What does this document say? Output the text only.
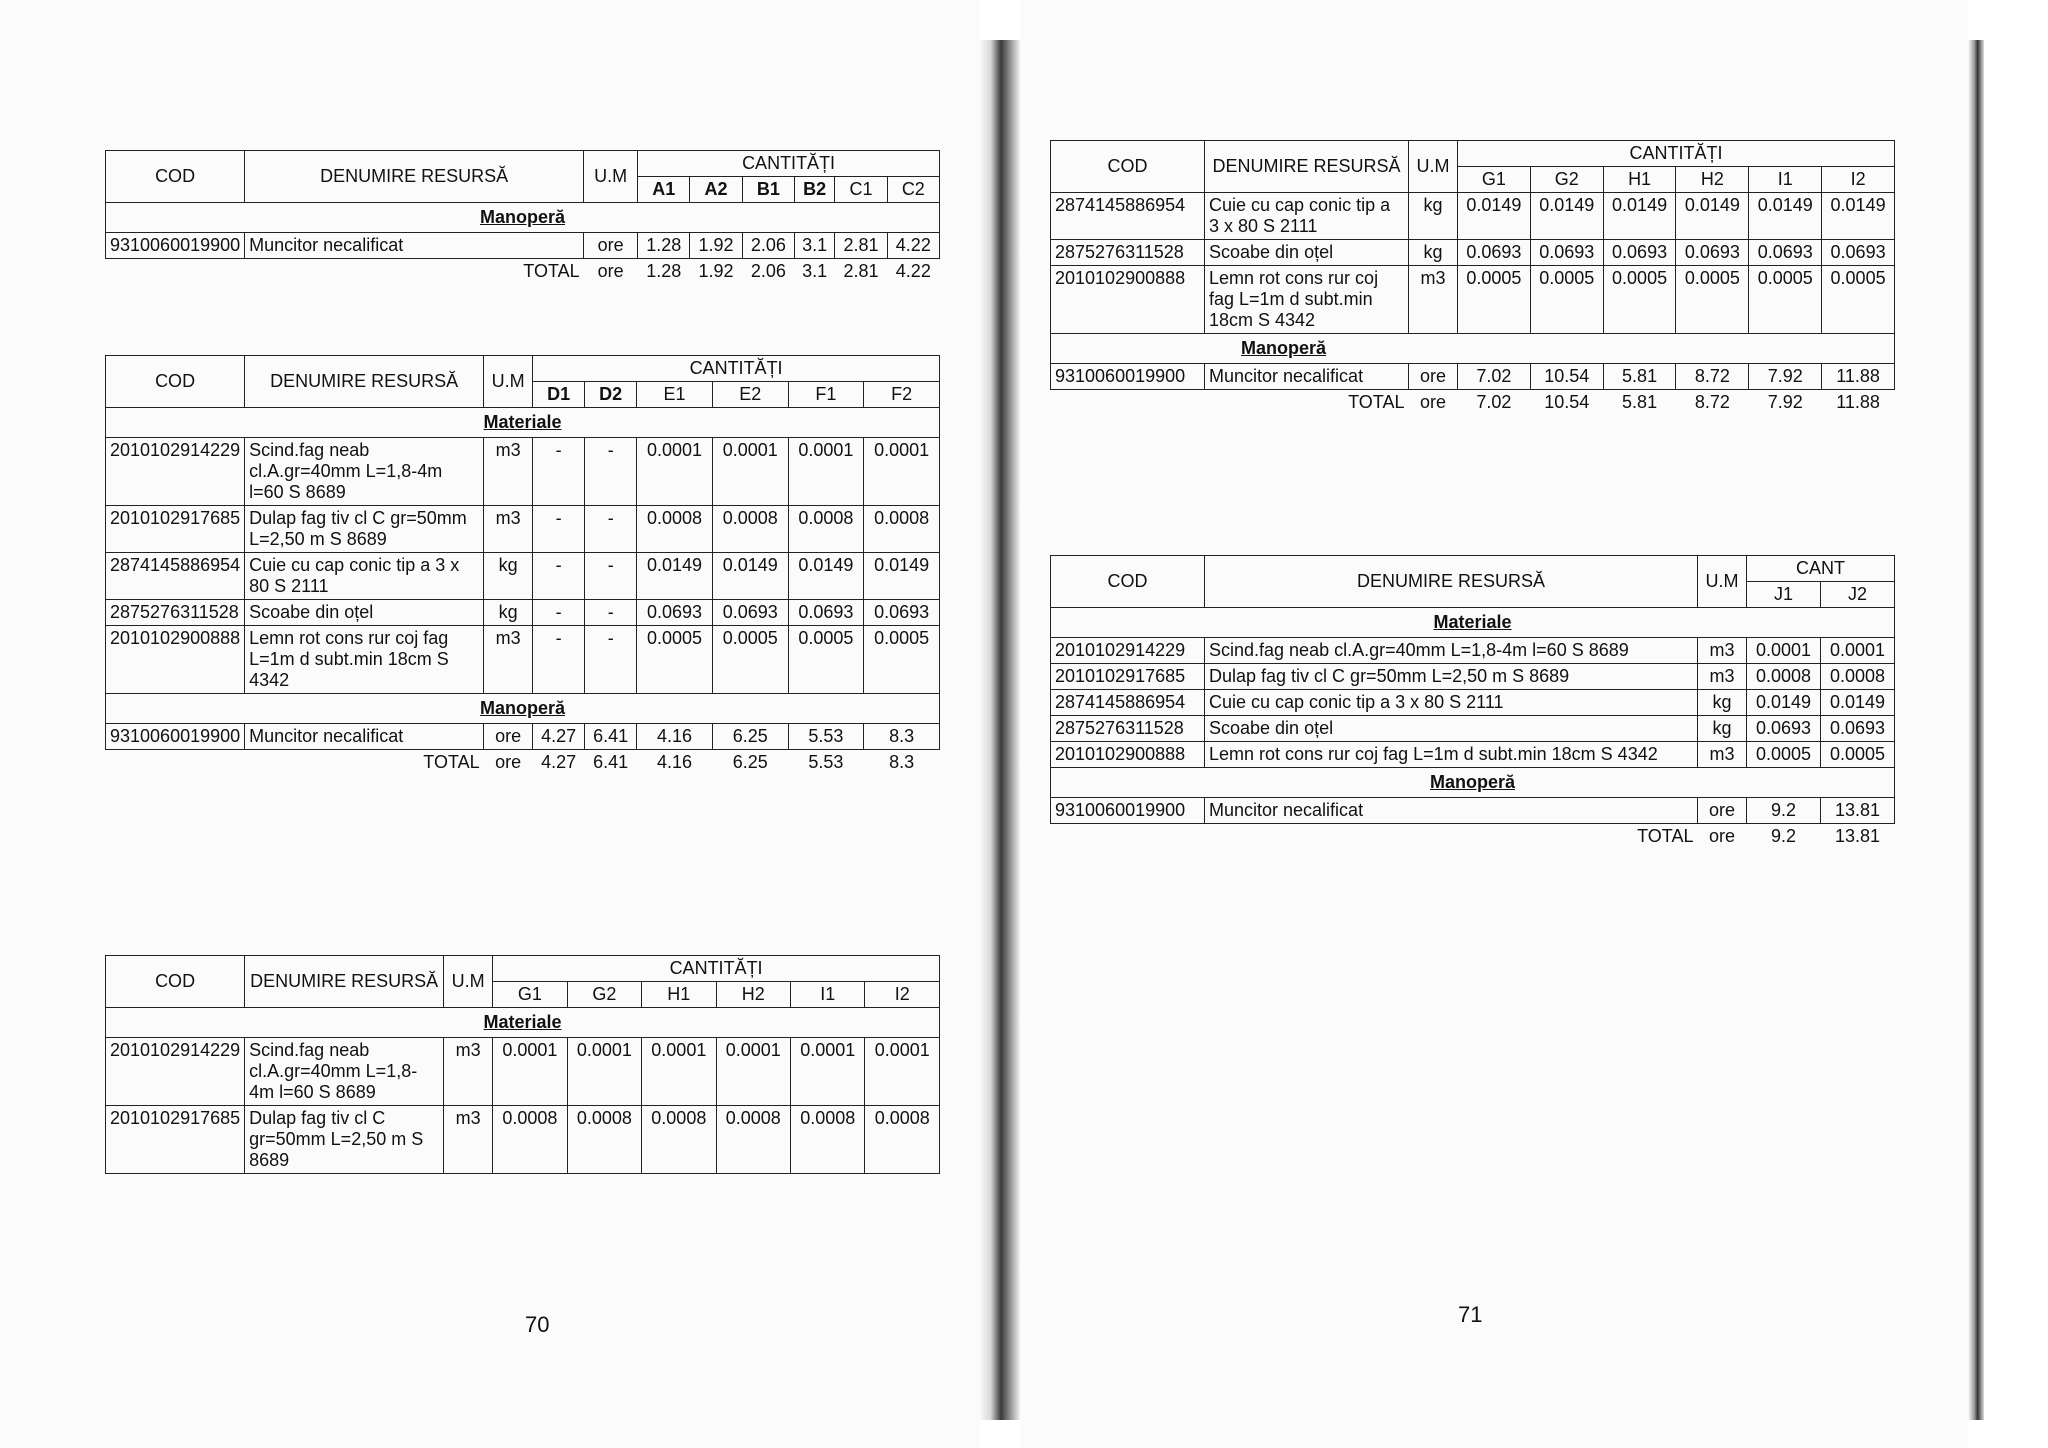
COD	DENUMIRE RESURSĂ	U.M	CANTITĂȚI					
			A1	A2	B1	B2	C1	C2
Manoperă								
9310060019900	Muncitor necalificat	ore	1.28	1.92	2.06	3.1	2.81	4.22
	TOTAL	ore	1.28	1.92	2.06	3.1	2.81	4.22
COD	DENUMIRE RESURSĂ	U.M	CANTITĂȚI					
			D1	D2	E1	E2	F1	F2
Materiale								
2010102914229	Scind.fag neab cl.A.gr=40mm L=1,8-4m l=60 S 8689	m3	-	-	0.0001	0.0001	0.0001	0.0001
2010102917685	Dulap fag tiv cl C gr=50mm L=2,50 m S 8689	m3	-	-	0.0008	0.0008	0.0008	0.0008
2874145886954	Cuie cu cap conic tip a 3 x 80 S 2111	kg	-	-	0.0149	0.0149	0.0149	0.0149
2875276311528	Scoabe din oțel	kg	-	-	0.0693	0.0693	0.0693	0.0693
2010102900888	Lemn rot cons rur coj fag L=1m d subt.min 18cm S 4342	m3	-	-	0.0005	0.0005	0.0005	0.0005
Manoperă								
9310060019900	Muncitor necalificat	ore	4.27	6.41	4.16	6.25	5.53	8.3
	TOTAL	ore	4.27	6.41	4.16	6.25	5.53	8.3
COD	DENUMIRE RESURSĂ	U.M	CANTITĂȚI					
			G1	G2	H1	H2	I1	I2
Materiale								
2010102914229	Scind.fag neab cl.A.gr=40mm L=1,8-4m l=60 S 8689	m3	0.0001	0.0001	0.0001	0.0001	0.0001	0.0001
2010102917685	Dulap fag tiv cl C gr=50mm L=2,50 m S 8689	m3	0.0008	0.0008	0.0008	0.0008	0.0008	0.0008
70
COD	DENUMIRE RESURSĂ	U.M	CANTITĂȚI					
			G1	G2	H1	H2	I1	I2
2874145886954	Cuie cu cap conic tip a 3 x 80 S 2111	kg	0.0149	0.0149	0.0149	0.0149	0.0149	0.0149
2875276311528	Scoabe din oțel	kg	0.0693	0.0693	0.0693	0.0693	0.0693	0.0693
2010102900888	Lemn rot cons rur coj fag L=1m d subt.min 18cm S 4342	m3	0.0005	0.0005	0.0005	0.0005	0.0005	0.0005
Manoperă								
9310060019900	Muncitor necalificat	ore	7.02	10.54	5.81	8.72	7.92	11.88
	TOTAL	ore	7.02	10.54	5.81	8.72	7.92	11.88
COD	DENUMIRE RESURSĂ	U.M	CANT	
			J1	J2
Materiale				
2010102914229	Scind.fag neab cl.A.gr=40mm L=1,8-4m l=60 S 8689	m3	0.0001	0.0001
2010102917685	Dulap fag tiv cl C gr=50mm L=2,50 m S 8689	m3	0.0008	0.0008
2874145886954	Cuie cu cap conic tip a 3 x 80 S 2111	kg	0.0149	0.0149
2875276311528	Scoabe din oțel	kg	0.0693	0.0693
2010102900888	Lemn rot cons rur coj fag L=1m d subt.min 18cm S 4342	m3	0.0005	0.0005
Manoperă				
9310060019900	Muncitor necalificat	ore	9.2	13.81
	TOTAL	ore	9.2	13.81
71
